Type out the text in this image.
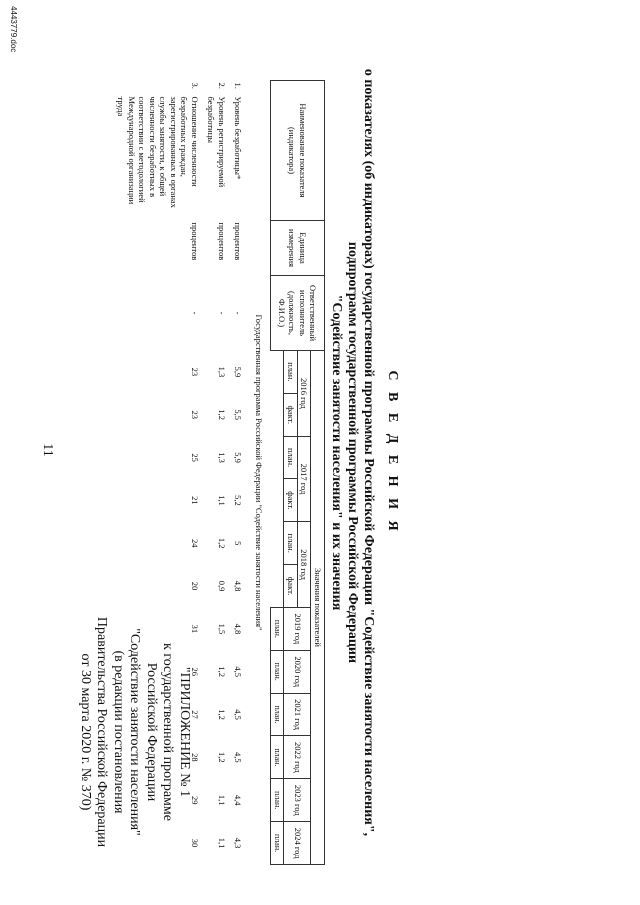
11
"ПРИЛОЖЕНИЕ № 1
к государственной программе
Российской Федерации
"Содействие занятости населения"
(в редакции постановления
Правительства Российской Федерации
от 30 марта 2020 г. № 370)
С В Е Д Е Н И Я
о показателях (об индикаторах) государственной программы Российской Федерации "Содействие занятости населения",
подпрограмм государственной программы Российской Федерации
"Содействие занятости населения" и их значения
Наименование показателя (индикатора)	Единица измерения	Ответственный исполнитель (должность, Ф.И.О.)	Значения показателей											
			2016 год		2017 год		2018 год		2019 год	2020 год	2021 год	2022 год	2023 год	2024 год
			план.	факт.	план.	факт.	план.	факт.						
									план.	план.	план.	план.	план.	план.
Государственная программа Российской Федерации "Содействие занятости населения"														

1.
Уровень безработицы*	процентов	-	5,9	5,5	5,9	5,2	5	4,8	4,8	4,5	4,5	4,5	4,4	4,3

2.
Уровень регистрируемой безработицы	процентов	-	1,3	1,2	1,3	1,1	1,2	0,9	1,5	1,2	1,2	1,2	1,1	1,1

3.
Отношение численности безработных граждан, зарегистрированных в органах службы занятости, к общей численности безработных в соответствии с методологией Международной организации труда	процентов	-	23	23	25	21	24	20	31	26	27	28	29	30
4443779.doc
